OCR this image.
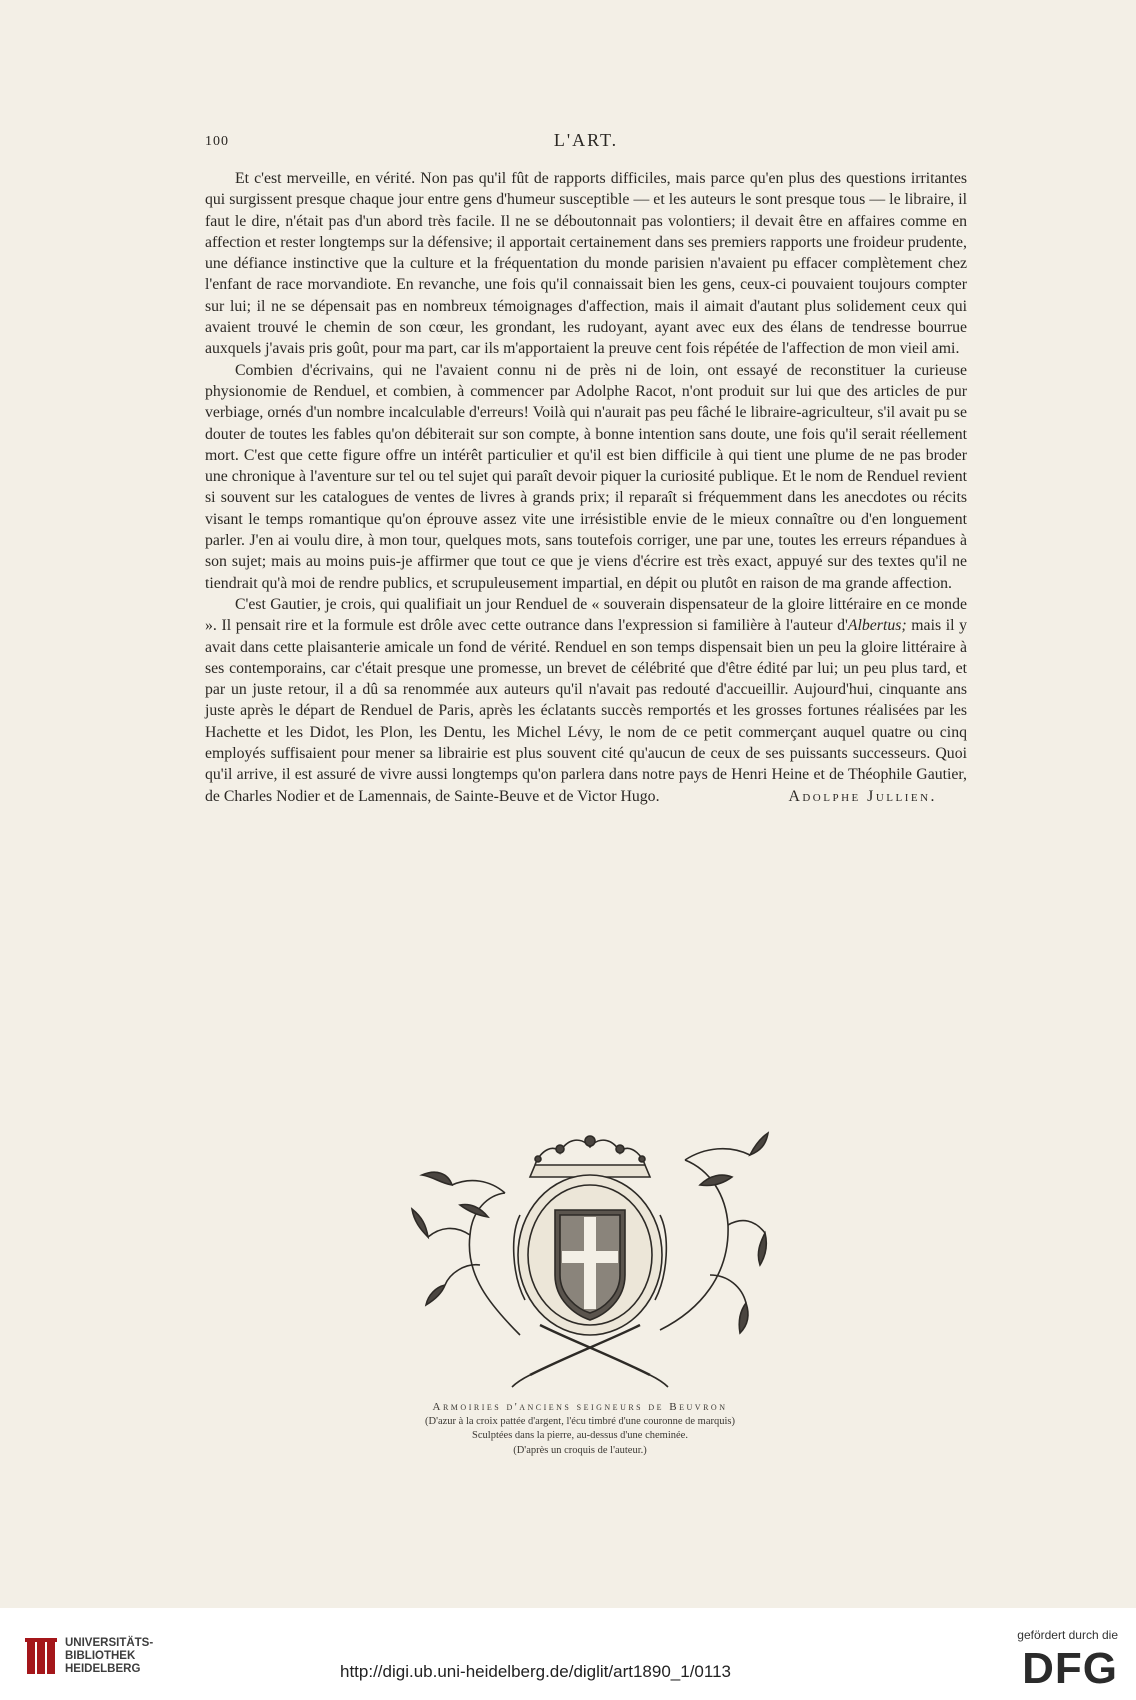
100	L'ART.

Et c'est merveille, en vérité. Non pas qu'il fût de rapports difficiles, mais parce qu'en plus des questions irritantes qui surgissent presque chaque jour entre gens d'humeur susceptible — et les auteurs le sont presque tous — le libraire, il faut le dire, n'était pas d'un abord très facile. Il ne se déboutonnait pas volontiers; il devait être en affaires comme en affection et rester longtemps sur la défensive; il apportait certainement dans ses premiers rapports une froideur prudente, une défiance instinctive que la culture et la fréquentation du monde parisien n'avaient pu effacer complètement chez l'enfant de race morvandiote. En revanche, une fois qu'il connaissait bien les gens, ceux-ci pouvaient toujours compter sur lui; il ne se dépensait pas en nombreux témoignages d'affection, mais il aimait d'autant plus solidement ceux qui avaient trouvé le chemin de son cœur, les grondant, les rudoyant, ayant avec eux des élans de tendresse bourrue auxquels j'avais pris goût, pour ma part, car ils m'apportaient la preuve cent fois répétée de l'affection de mon vieil ami.

Combien d'écrivains, qui ne l'avaient connu ni de près ni de loin, ont essayé de reconstituer la curieuse physionomie de Renduel, et combien, à commencer par Adolphe Racot, n'ont produit sur lui que des articles de pur verbiage, ornés d'un nombre incalculable d'erreurs! Voilà qui n'aurait pas peu fâché le libraire-agriculteur, s'il avait pu se douter de toutes les fables qu'on débiterait sur son compte, à bonne intention sans doute, une fois qu'il serait réellement mort. C'est que cette figure offre un intérêt particulier et qu'il est bien difficile à qui tient une plume de ne pas broder une chronique à l'aventure sur tel ou tel sujet qui paraît devoir piquer la curiosité publique. Et le nom de Renduel revient si souvent sur les catalogues de ventes de livres à grands prix; il reparaît si fréquemment dans les anecdotes ou récits visant le temps romantique qu'on éprouve assez vite une irrésistible envie de le mieux connaître ou d'en longuement parler. J'en ai voulu dire, à mon tour, quelques mots, sans toutefois corriger, une par une, toutes les erreurs répandues à son sujet; mais au moins puis-je affirmer que tout ce que je viens d'écrire est très exact, appuyé sur des textes qu'il ne tiendrait qu'à moi de rendre publics, et scrupuleusement impartial, en dépit ou plutôt en raison de ma grande affection.

C'est Gautier, je crois, qui qualifiait un jour Renduel de « souverain dispensateur de la gloire littéraire en ce monde ». Il pensait rire et la formule est drôle avec cette outrance dans l'expression si familière à l'auteur d'Albertus; mais il y avait dans cette plaisanterie amicale un fond de vérité. Renduel en son temps dispensait bien un peu la gloire littéraire à ses contemporains, car c'était presque une promesse, un brevet de célébrité que d'être édité par lui; un peu plus tard, et par un juste retour, il a dû sa renommée aux auteurs qu'il n'avait pas redouté d'accueillir. Aujourd'hui, cinquante ans juste après le départ de Renduel de Paris, après les éclatants succès remportés et les grosses fortunes réalisées par les Hachette et les Didot, les Plon, les Dentu, les Michel Lévy, le nom de ce petit commerçant auquel quatre ou cinq employés suffisaient pour mener sa librairie est plus souvent cité qu'aucun de ceux de ses puissants successeurs. Quoi qu'il arrive, il est assuré de vivre aussi longtemps qu'on parlera dans notre pays de Henri Heine et de Théophile Gautier, de Charles Nodier et de Lamennais, de Sainte-Beuve et de Victor Hugo.	Adolphe Jullien.

Armoiries d'anciens seigneurs de Beuvron
(D'azur à la croix pattée d'argent, l'écu timbré d'une couronne de marquis)
Sculptées dans la pierre, au-dessus d'une cheminée.
(D'après un croquis de l'auteur.)
UNIVERSITÄTS-
BIBLIOTHEK
HEIDELBERG	http://digi.ub.uni-heidelberg.de/diglit/art1890_1/0113
gefördert durch die
DFG
